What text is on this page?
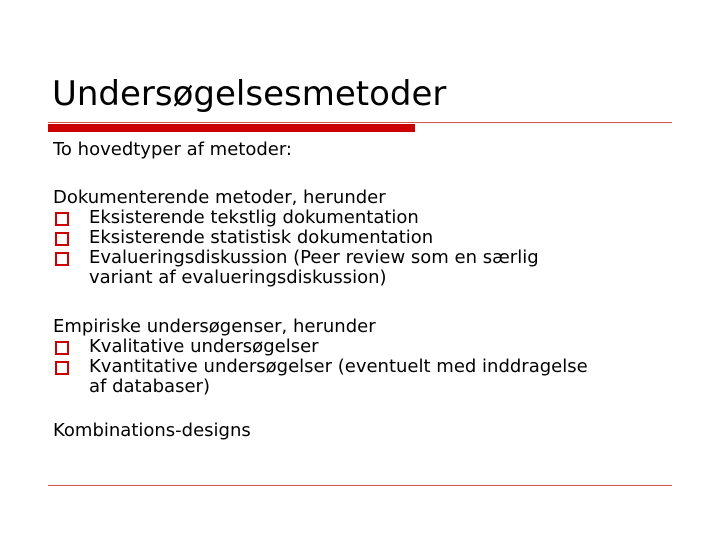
Undersøgelsesmetoder
To hovedtyper af metoder:
Dokumenterende metoder, herunder
Eksisterende tekstlig dokumentation
Eksisterende statistisk dokumentation
Evalueringsdiskussion (Peer review som en særlig
variant af evalueringsdiskussion)
Empiriske undersøgenser, herunder
Kvalitative undersøgelser
Kvantitative undersøgelser (eventuelt med inddragelse
af databaser)
Kombinations-designs
